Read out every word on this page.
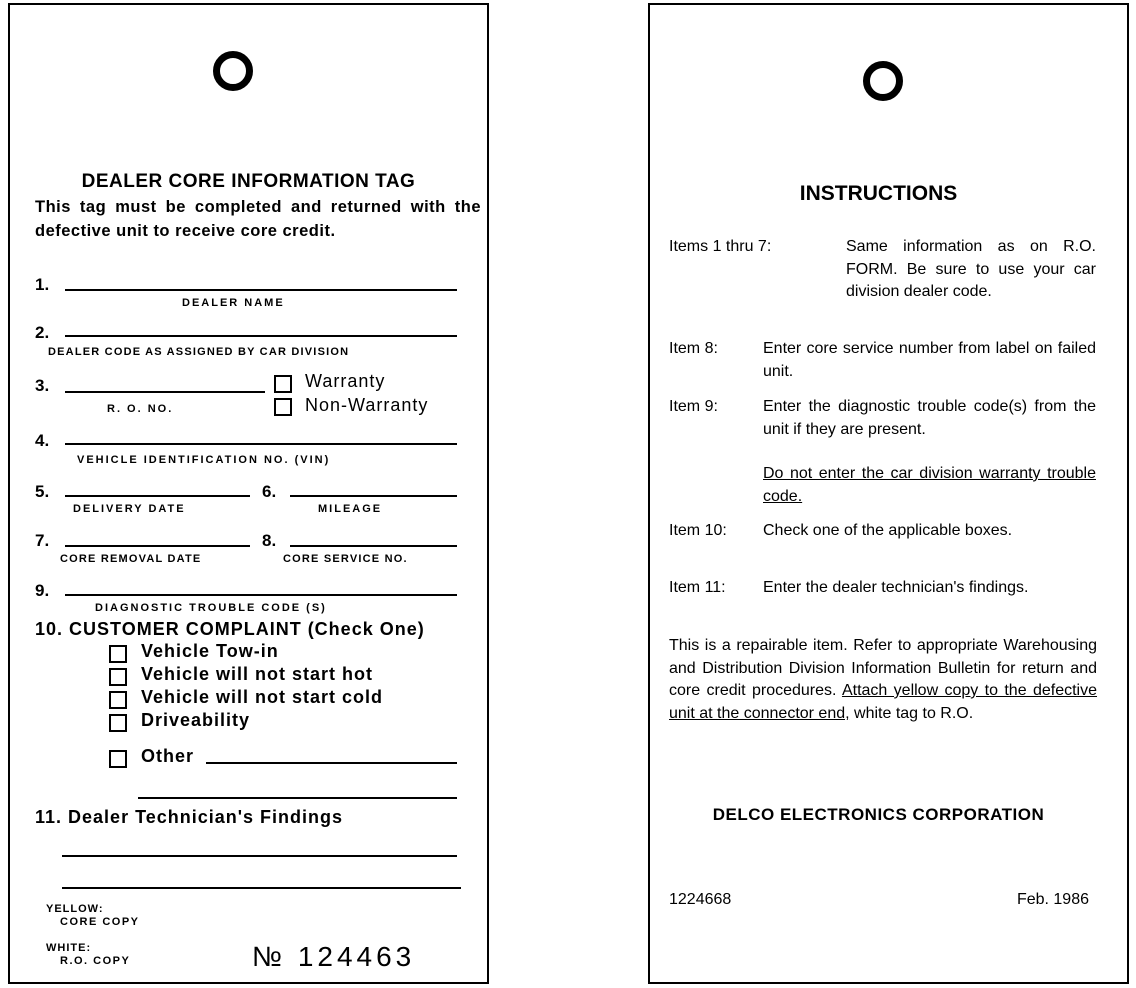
DEALER CORE INFORMATION TAG
This tag must be completed and returned with the defective unit to receive core credit.
1.
DEALER NAME
2.
DEALER CODE AS ASSIGNED BY CAR DIVISION
3.
R. O. NO.
Warranty
Non-Warranty
4.
VEHICLE IDENTIFICATION NO. (VIN)
5.
DELIVERY DATE
6.
MILEAGE
7.
CORE REMOVAL DATE
8.
CORE SERVICE NO.
9.
DIAGNOSTIC TROUBLE CODE (S)
10. CUSTOMER COMPLAINT (Check One)
Vehicle Tow-in
Vehicle will not start hot
Vehicle will not start cold
Driveability
Other
11. Dealer Technician's Findings
YELLOW:
CORE COPY
WHITE:
R.O. COPY	№ 124463
INSTRUCTIONS
Items 1 thru 7:	Same information as on R.O. FORM. Be sure to use your car division dealer code.
Item 8:	Enter core service number from label on failed unit.
Item 9:	Enter the diagnostic trouble code(s) from the unit if they are present.
Do not enter the car division warranty trouble code.
Item 10: Check one of the applicable boxes.
Item 11: Enter the dealer technician's findings.
This is a repairable item. Refer to appropriate Warehousing and Distribution Division Information Bulletin for return and core credit procedures. Attach yellow copy to the defective unit at the connector end, white tag to R.O.
DELCO ELECTRONICS CORPORATION
1224668	Feb. 1986
